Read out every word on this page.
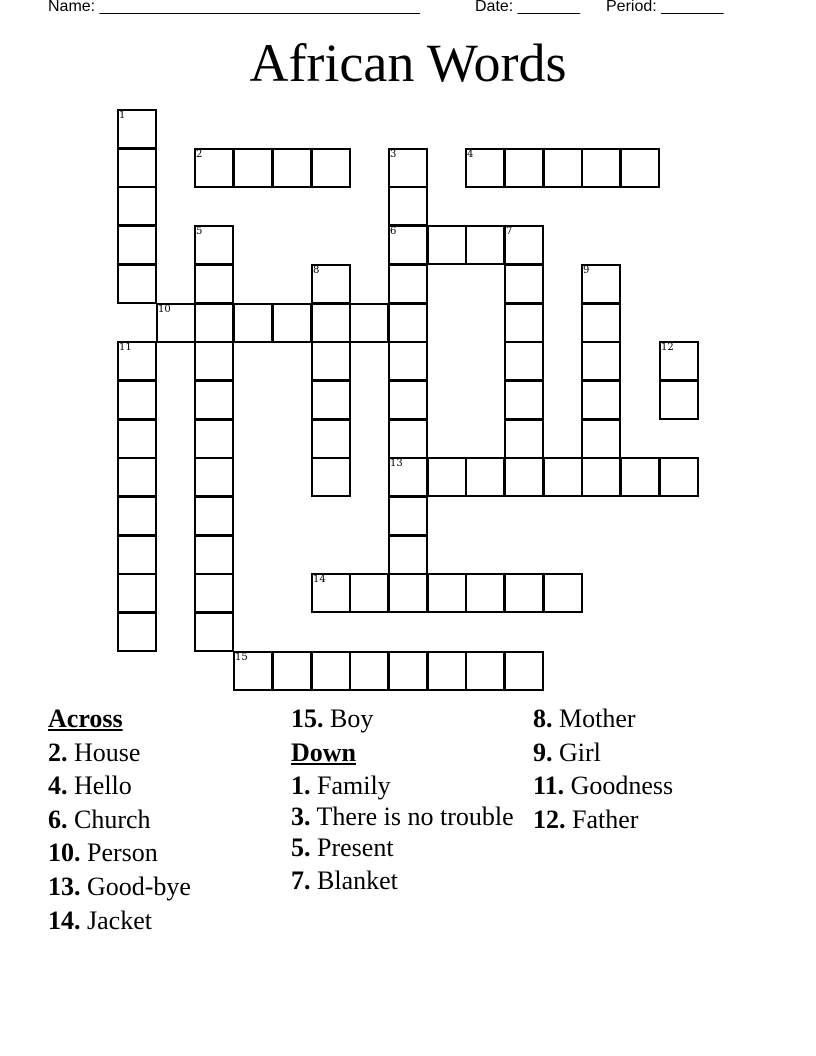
Name: ____________________________________	Date: _______ Period: _______
African Words
1
2	3
6
13
4
5	7
8	9
10
11	12
14
15
Across
2. House
4. Hello
6. Church
10. Person
13. Good-bye
14. Jacket
15. Boy
Down
1. Family
3. There is no trouble
5. Present
7. Blanket
8. Mother
9. Girl
11. Goodness
12. Father
